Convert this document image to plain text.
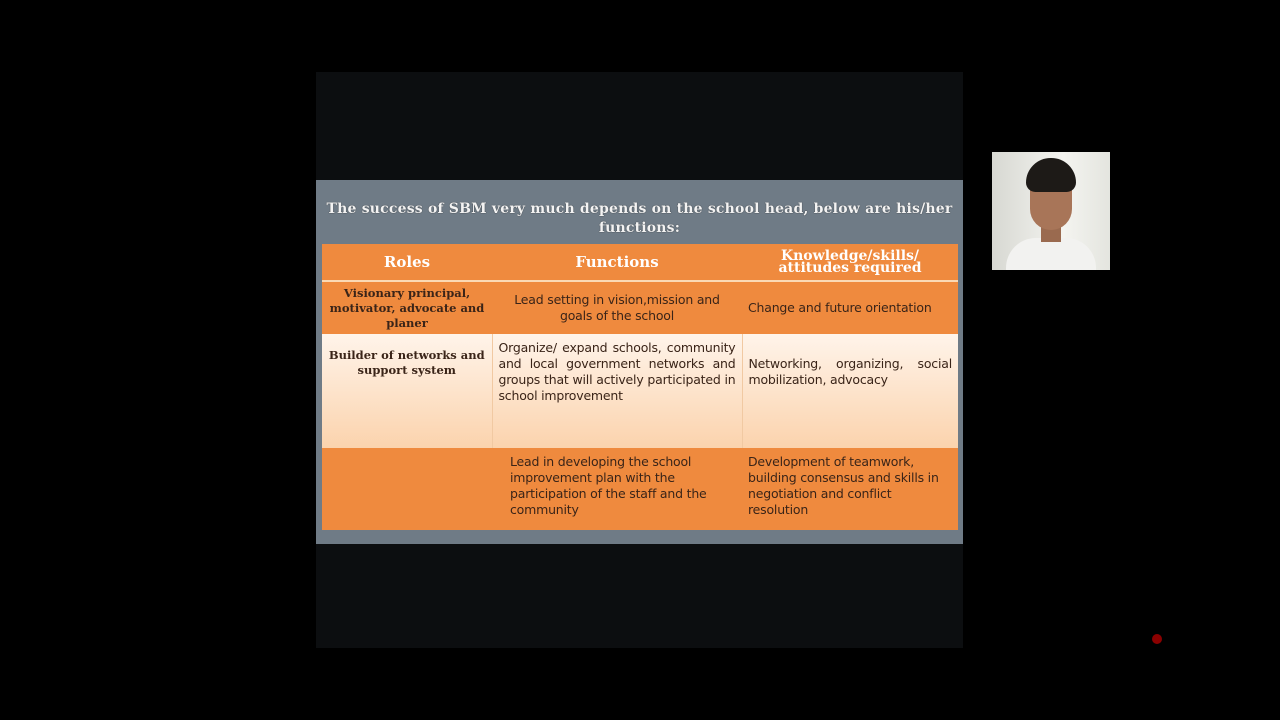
The success of SBM very much depends on the school head, below are his/her
functions:
Roles	Functions	Knowledge/skills/
attitudes required

Visionary principal, motivator, advocate and planer	Lead setting in vision,mission and goals of the school	Change and future orientation
Builder of networks and support system	Organize/ expand schools, community and local government networks and groups that will actively participated in school improvement	Networking, organizing, social mobilization, advocacy
	Lead in developing the school improvement plan with the participation of the staff and the community	Development of teamwork, building consensus and skills in negotiation and conflict resolution
